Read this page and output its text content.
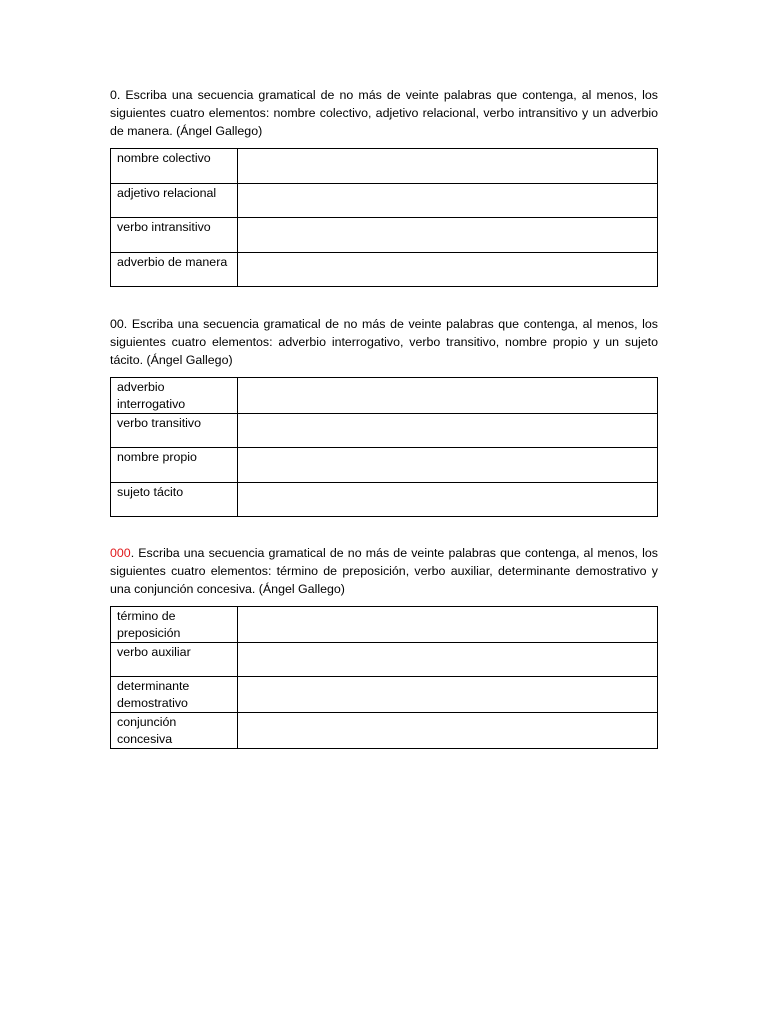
0. Escriba una secuencia gramatical de no más de veinte palabras que contenga, al menos, los siguientes cuatro elementos: nombre colectivo, adjetivo relacional, verbo intransitivo y un adverbio de manera. (Ángel Gallego)

nombre colectivo	
adjetivo relacional	
verbo intransitivo	
adverbio de manera	

00. Escriba una secuencia gramatical de no más de veinte palabras que contenga, al menos, los siguientes cuatro elementos: adverbio interrogativo, verbo transitivo, nombre propio y un sujeto tácito. (Ángel Gallego)

adverbio interrogativo	
verbo transitivo	
nombre propio	
sujeto tácito	

000. Escriba una secuencia gramatical de no más de veinte palabras que contenga, al menos, los siguientes cuatro elementos: término de preposición, verbo auxiliar, determinante demostrativo y una conjunción concesiva. (Ángel Gallego)

término de preposición	
verbo auxiliar	
determinante demostrativo	
conjunción concesiva	
